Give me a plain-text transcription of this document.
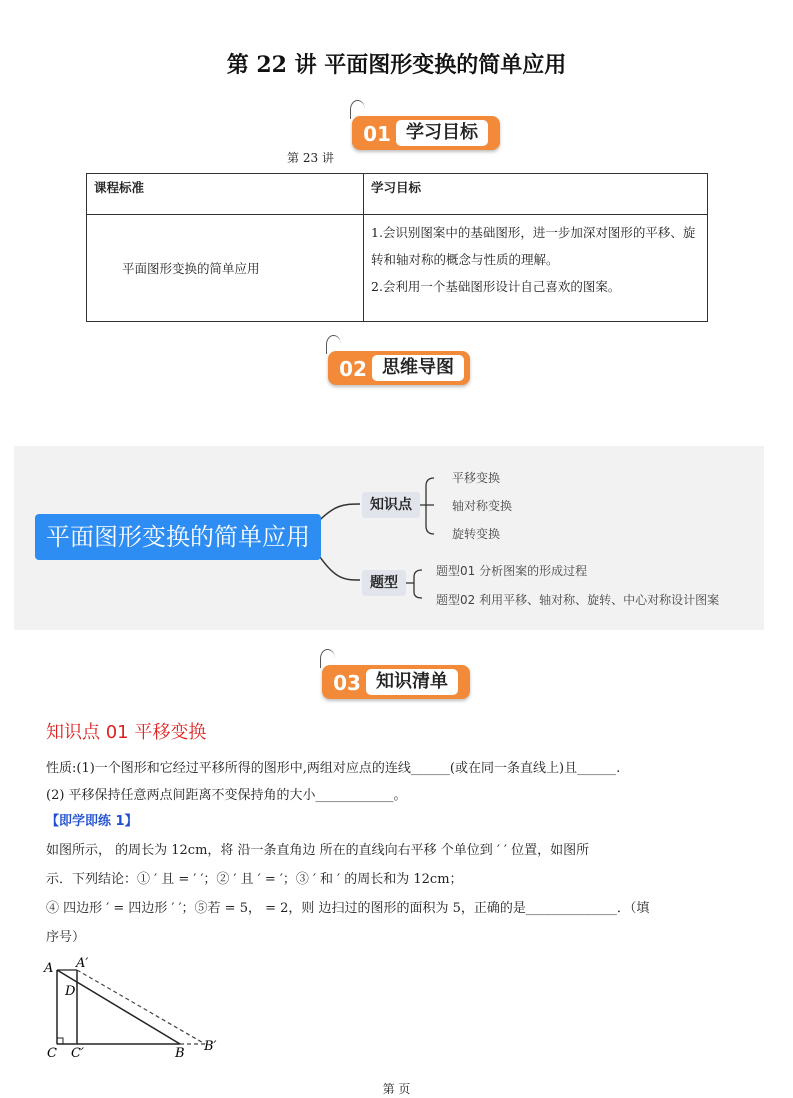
第 22 讲 平面图形变换的简单应用
01 学习目标
第 23 讲
课程标准	学习目标
平面图形变换的简单应用	1.会识别图案中的基础图形，进一步加深对图形的平移、旋转和轴对称的概念与性质的理解。
2.会利用一个基础图形设计自己喜欢的图案。
02 思维导图
平面图形变换的简单应用
知识点
平移变换
轴对称变换
旋转变换
题型
题型01 分析图案的形成过程
题型02 利用平移、轴对称、旋转、中心对称设计图案
03 知识清单
知识点 01 平移变换
性质:(1)一个图形和它经过平移所得的图形中,两组对应点的连线______(或在同一条直线上)且______.
(2) 平移保持任意两点间距离不变保持角的大小____________。
【即学即练 1】
如图所示， 的周长为 12cm，将 沿一条直角边 所在的直线向右平移 个单位到 ′ ′ 位置，如图所
示．下列结论：① ′ 且 = ′ ′；② ′ 且 ′ = ′；③ ′ 和 ′ 的周长和为 12cm；
④ 四边形 ′ = 四边形 ′ ′；⑤若 = 5， = 2，则 边扫过的图形的面积为 5，正确的是______________．（填
序号）
A A′
D
C C′	B B′
第 页
